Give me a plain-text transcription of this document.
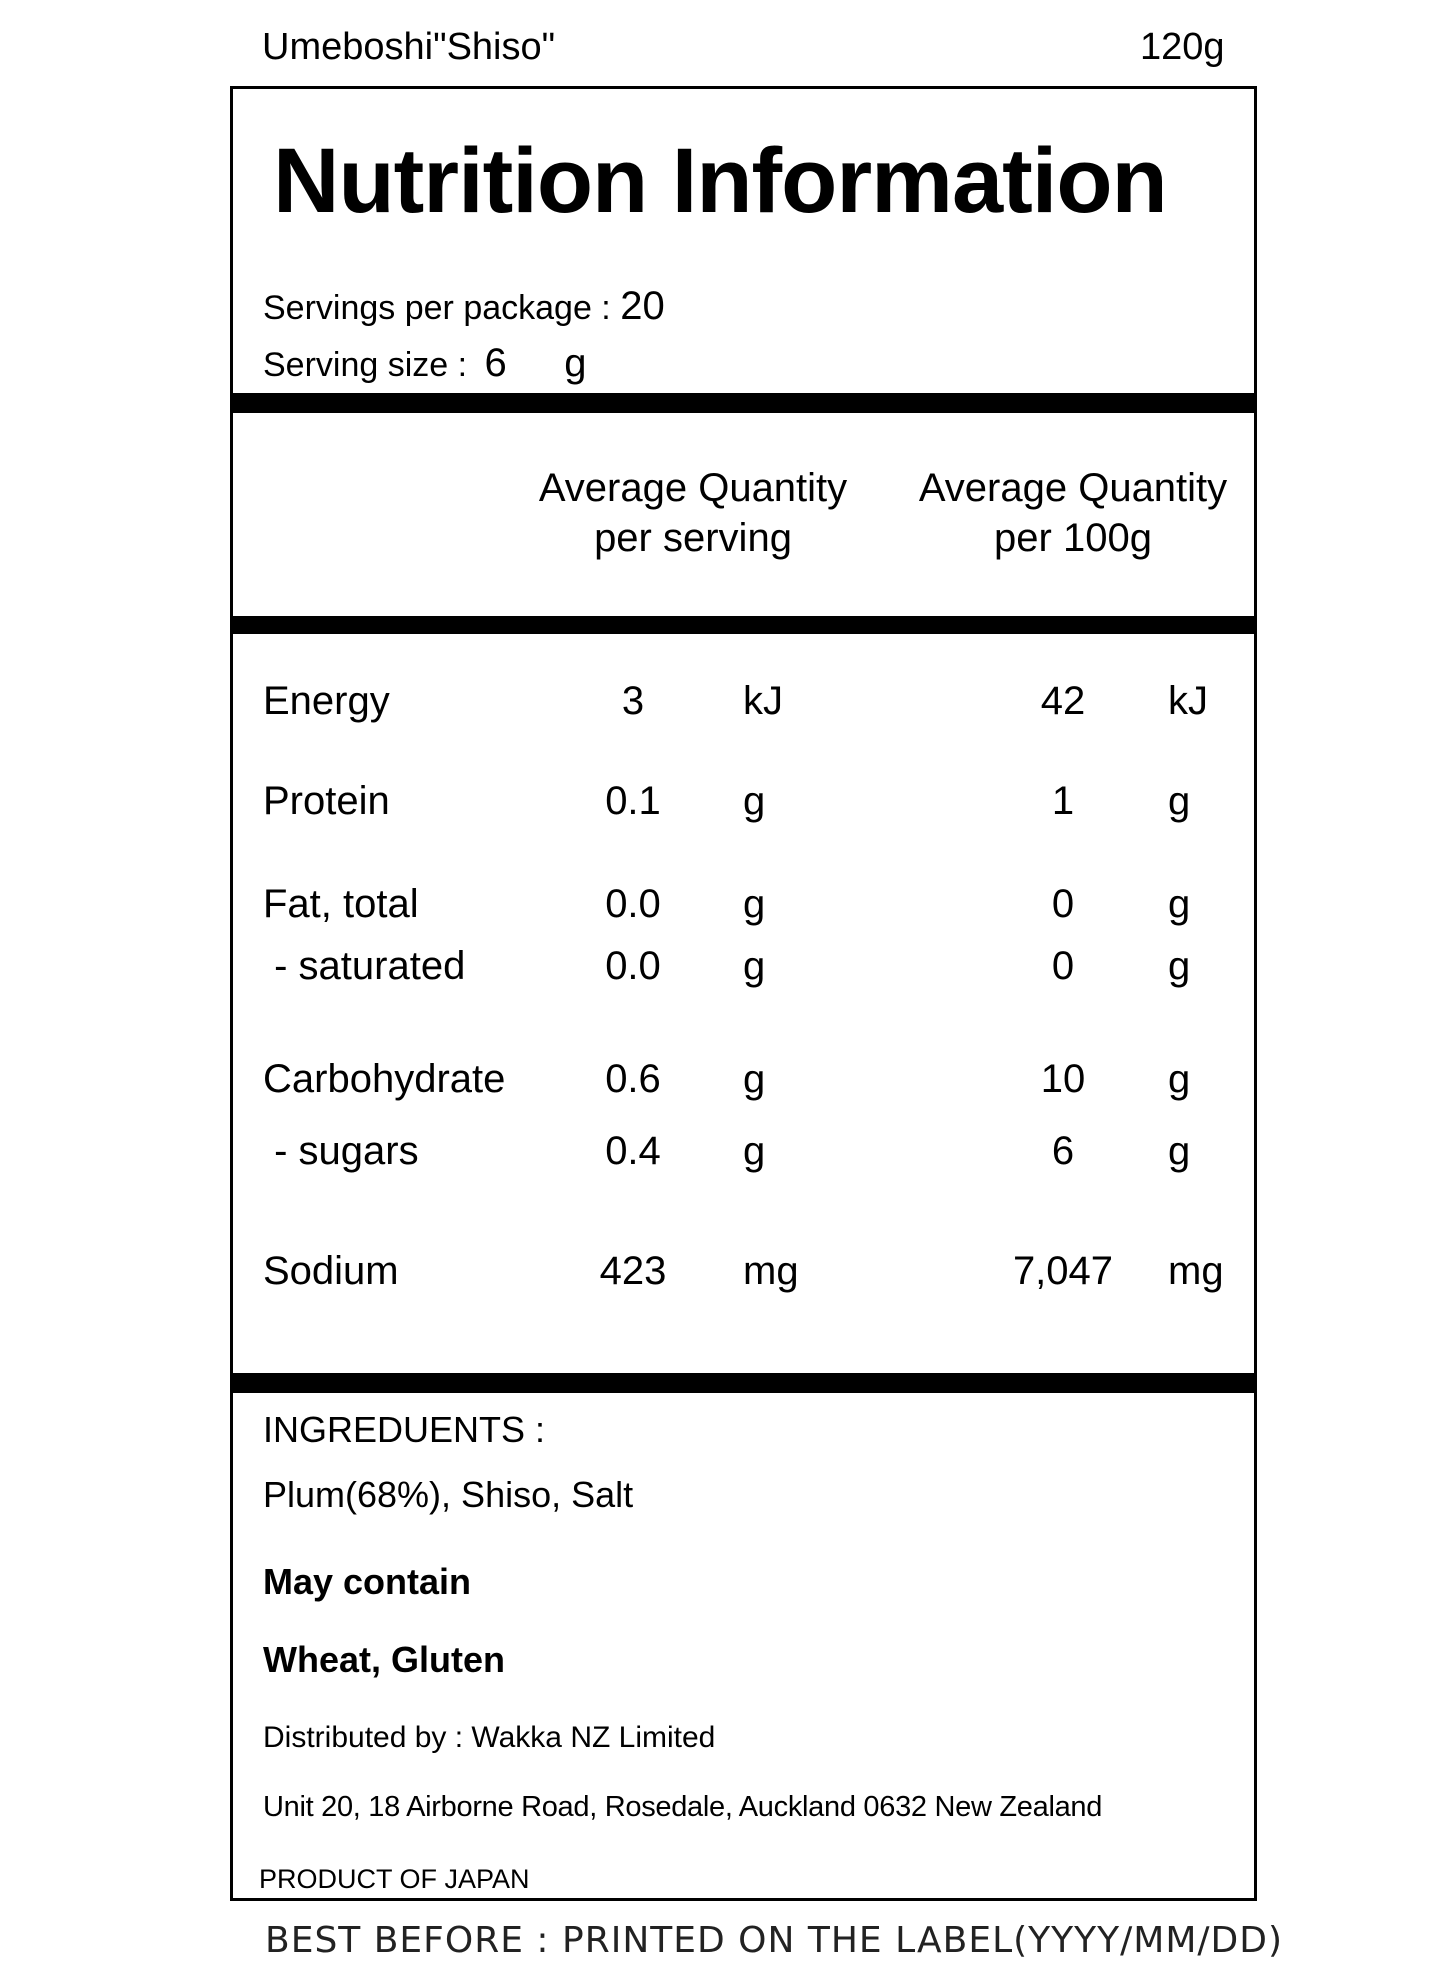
Umeboshi"Shiso"	120g
Nutrition Information
Servings per package : 20
Serving size : 6 g
Average Quantity
per serving
Average Quantity
per 100g
Energy	3	kJ	42	kJ
Protein	0.1	g	1	g
Fat, total	0.0	g	0	g
- saturated	0.0	g	0	g
Carbohydrate	0.6	g	10	g
- sugars	0.4	g	6	g
Sodium	423	mg	7,047	mg
INGREDUENTS :
Plum(68%), Shiso, Salt
May contain
Wheat, Gluten
Distributed by : Wakka NZ Limited
Unit 20, 18 Airborne Road, Rosedale, Auckland 0632 New Zealand
PRODUCT OF JAPAN
BEST BEFORE : PRINTED ON THE LABEL(YYYY/MM/DD)
